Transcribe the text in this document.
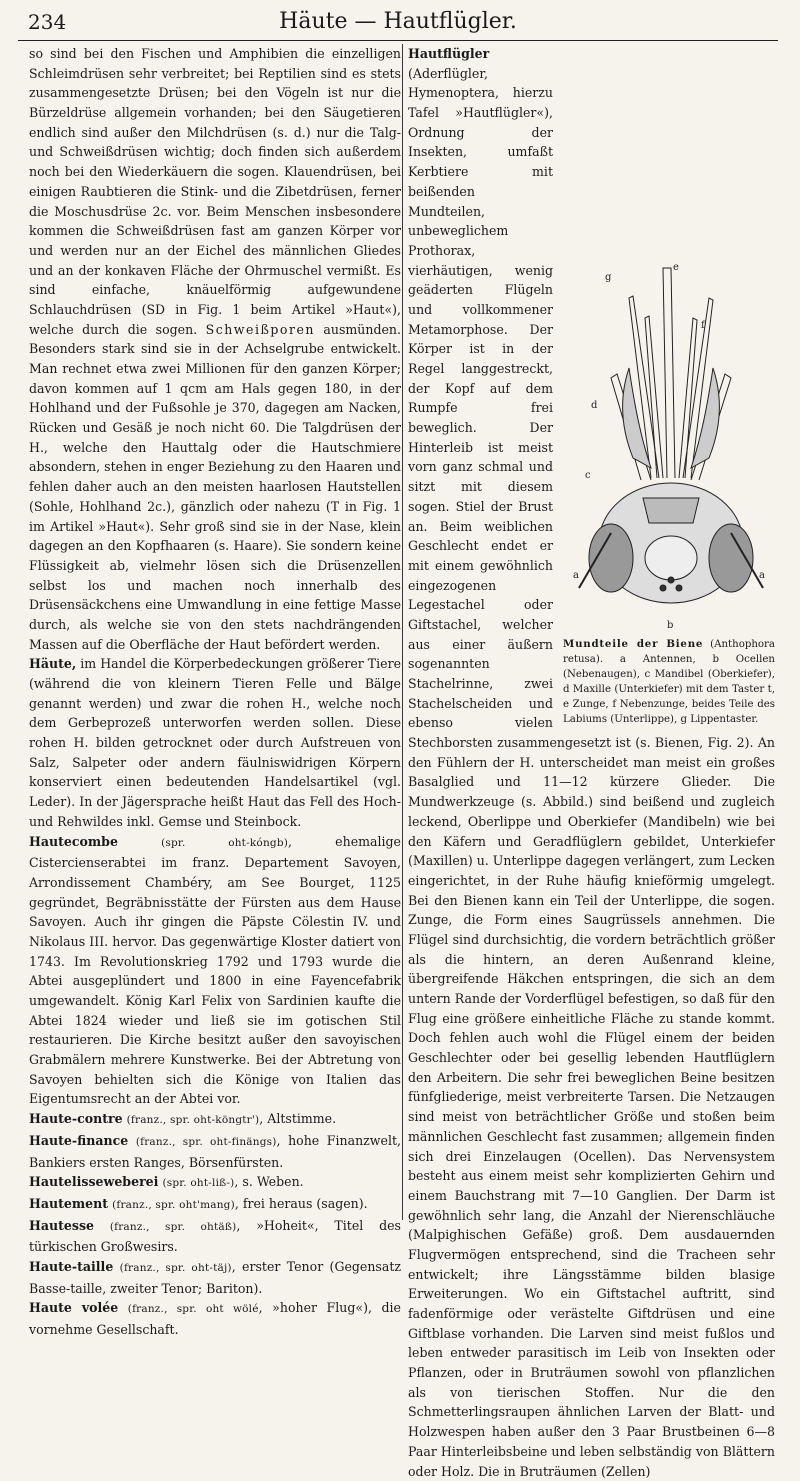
234	Häute — Hautflügler.

so sind bei den Fischen und Amphibien die einzelligen Schleimdrüsen sehr verbreitet; bei Reptilien sind es stets zusammengesetzte Drüsen; bei den Vögeln ist nur die Bürzeldrüse allgemein vorhanden; bei den Säugetieren endlich sind außer den Milchdrüsen (s. d.) nur die Talg- und Schweißdrüsen wichtig; doch finden sich außerdem noch bei den Wiederkäuern die sogen. Klauendrüsen, bei einigen Raubtieren die Stink- und die Zibetdrüsen, ferner die Moschusdrüse 2c. vor. Beim Menschen insbesondere kommen die Schweißdrüsen fast am ganzen Körper vor und werden nur an der Eichel des männlichen Gliedes und an der konkaven Fläche der Ohrmuschel vermißt. Es sind einfache, knäuelförmig aufgewundene Schlauchdrüsen (SD in Fig. 1 beim Artikel »Haut«), welche durch die sogen. Schweißporen ausmünden. Besonders stark sind sie in der Achselgrube entwickelt. Man rechnet etwa zwei Millionen für den ganzen Körper; davon kommen auf 1 qcm am Hals gegen 180, in der Hohlhand und der Fußsohle je 370, dagegen am Nacken, Rücken und Gesäß je noch nicht 60. Die Talgdrüsen der H., welche den Hauttalg oder die Hautschmiere absondern, stehen in enger Beziehung zu den Haaren und fehlen daher auch an den meisten haarlosen Hautstellen (Sohle, Hohlhand 2c.), gänzlich oder nahezu (T in Fig. 1 im Artikel »Haut«). Sehr groß sind sie in der Nase, klein dagegen an den Kopfhaaren (s. Haare). Sie sondern keine Flüssigkeit ab, vielmehr lösen sich die Drüsenzellen selbst los und machen noch innerhalb des Drüsensäckchens eine Umwandlung in eine fettige Masse durch, als welche sie von den stets nachdrängenden Massen auf die Oberfläche der Haut befördert werden.

Häute, im Handel die Körperbedeckungen größerer Tiere (während die von kleinern Tieren Felle und Bälge genannt werden) und zwar die rohen H., welche noch dem Gerbeprozeß unterworfen werden sollen. Diese rohen H. bilden getrocknet oder durch Aufstreuen von Salz, Salpeter oder andern fäulniswidrigen Körpern konserviert einen bedeutenden Handelsartikel (vgl. Leder). In der Jägersprache heißt Haut das Fell des Hoch- und Rehwildes inkl. Gemse und Steinbock.

Hautecombe	(spr. oht-kóngb), ehemalige Cistercienserabtei im franz. Departement Savoyen, Arrondissement Chambéry, am See Bourget, 1125 gegründet, Begräbnisstätte der Fürsten aus dem Hause Savoyen. Auch ihr gingen die Päpste Cölestin IV. und Nikolaus III. hervor. Das gegenwärtige Kloster datiert von 1743. Im Revolutionskrieg 1792 und 1793 wurde die Abtei ausgeplündert und 1800 in eine Fayencefabrik umgewandelt. König Karl Felix von Sardinien kaufte die Abtei 1824 wieder und ließ sie im gotischen Stil restaurieren. Die Kirche besitzt außer den savoyischen Grabmälern mehrere Kunstwerke. Bei der Abtretung von Savoyen behielten sich die Könige von Italien das Eigentumsrecht an der Abtei vor.

Haute-contre (franz., spr. oht-köngtr'), Altstimme.

Haute-finance (franz., spr. oht-finängs), hohe Finanzwelt, Bankiers ersten Ranges, Börsenfürsten.

Hautelisseweberei (spr. oht-liß-), s. Weben.

Hautement (franz., spr. oht'mang), frei heraus (sagen).

Hautesse (franz., spr. ohtäß), »Hoheit«, Titel des türkischen Großwesirs.

Haute-taille (franz., spr. oht-täj), erster Tenor (Gegensatz Basse-taille, zweiter Tenor; Bariton).

Haute volée (franz., spr. oht wölé, »hoher Flug«), die vornehme Gesellschaft.

g
e
f
d
c
a	a
b
Mundteile der Biene (Anthophora retusa). a Antennen, b Ocellen (Nebenaugen), c Mandibel (Oberkiefer), d Maxille (Unterkiefer) mit dem Taster t, e Zunge, f Nebenzunge, beides Teile des Labiums (Unterlippe), g Lippentaster.
Hautflügler (Aderflügler, Hymenoptera, hierzu Tafel »Hautflügler«), Ordnung der Insekten, umfaßt Kerbtiere mit beißenden Mundteilen, unbeweglichem Prothorax, vierhäutigen, wenig geäderten Flügeln und vollkommener Metamorphose. Der Körper ist in der Regel langgestreckt, der Kopf auf dem Rumpfe frei beweglich. Der Hinterleib ist meist vorn ganz schmal und sitzt mit diesem sogen. Stiel der Brust an. Beim weiblichen Geschlecht endet er mit einem gewöhnlich eingezogenen Legestachel oder Giftstachel, welcher aus einer äußern sogenannten Stachelrinne, zwei Stachelscheiden und ebenso vielen Stechborsten zusammengesetzt ist (s. Bienen, Fig. 2). An den Fühlern der H. unterscheidet man meist ein großes Basalglied und 11—12 kürzere Glieder. Die Mundwerkzeuge (s. Abbild.) sind beißend und zugleich leckend, Oberlippe und Oberkiefer (Mandibeln) wie bei den Käfern und Geradflüglern gebildet, Unterkiefer (Maxillen) u. Unterlippe dagegen verlängert, zum Lecken eingerichtet, in der Ruhe häufig knieförmig umgelegt. Bei den Bienen kann ein Teil der Unterlippe, die sogen. Zunge, die Form eines Saugrüssels annehmen. Die Flügel sind durchsichtig, die vordern beträchtlich größer als die hintern, an deren Außenrand kleine, übergreifende Häkchen entspringen, die sich an dem untern Rande der Vorderflügel befestigen, so daß für den Flug eine größere einheitliche Fläche zu stande kommt. Doch fehlen auch wohl die Flügel einem der beiden Geschlechter oder bei gesellig lebenden Hautflüglern den Arbeitern. Die sehr frei beweglichen Beine besitzen fünfgliederige, meist verbreiterte Tarsen. Die Netzaugen sind meist von beträchtlicher Größe und stoßen beim männlichen Geschlecht fast zusammen; allgemein finden sich drei Einzelaugen (Ocellen). Das Nervensystem besteht aus einem meist sehr komplizierten Gehirn und einem Bauchstrang mit 7—10 Ganglien. Der Darm ist gewöhnlich sehr lang, die Anzahl der Nierenschläuche (Malpighischen Gefäße) groß. Dem ausdauernden Flugvermögen entsprechend, sind die Tracheen sehr entwickelt; ihre Längsstämme bilden blasige Erweiterungen. Wo ein Giftstachel auftritt, sind fadenförmige oder verästelte Giftdrüsen und eine Giftblase vorhanden. Die Larven sind meist fußlos und leben entweder parasitisch im Leib von Insekten oder Pflanzen, oder in Bruträumen sowohl von pflanzlichen als von tierischen Stoffen. Nur die den Schmetterlingsraupen ähnlichen Larven der Blatt- und Holzwespen haben außer den 3 Paar Brustbeinen 6—8 Paar Hinterleibsbeine und leben selbständig von Blättern oder Holz. Die in Bruträumen (Zellen)
